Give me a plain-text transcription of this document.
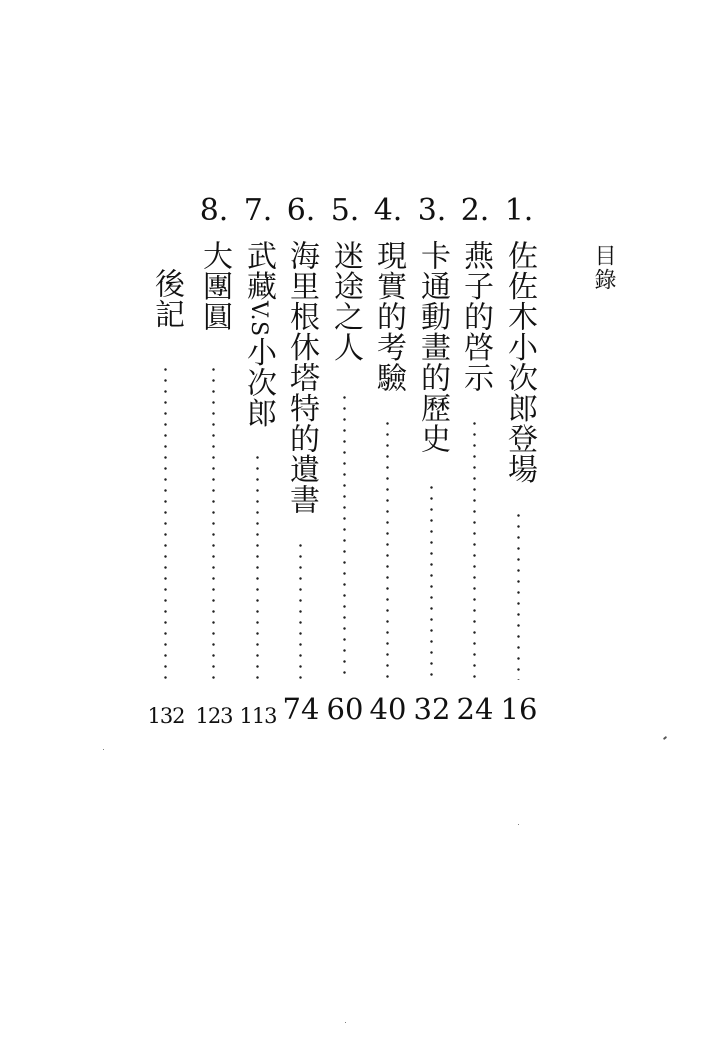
目錄
1.
佐佐木小次郎登場
16
2.
燕子的啓示
24
3.
卡通動畫的歷史
32
4.
現實的考驗
40
5.
迷途之人
60
6.
海里根休塔特的遺書
74
7.
武藏V.S小次郎
113
8.
大團圓
123
後記
132
